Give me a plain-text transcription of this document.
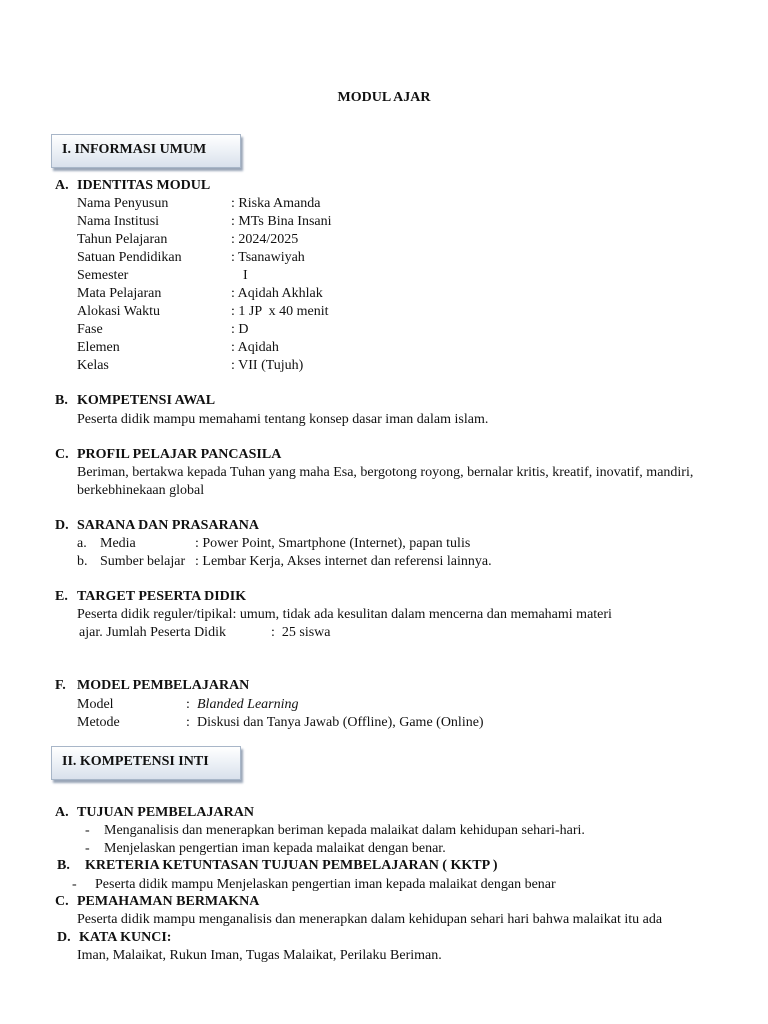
MODUL AJAR
I. INFORMASI UMUM
A. IDENTITAS MODUL
Nama Penyusun	: Riska Amanda
Nama Institusi	: MTs Bina Insani
Tahun Pelajaran	: 2024/2025
Satuan Pendidikan	: Tsanawiyah
Semester	I
Mata Pelajaran	: Aqidah Akhlak
Alokasi Waktu	: 1 JP  x 40 menit
Fase	: D
Elemen	: Aqidah
Kelas	: VII (Tujuh)
B. KOMPETENSI AWAL
Peserta didik mampu memahami tentang konsep dasar iman dalam islam.
C. PROFIL PELAJAR PANCASILA
Beriman, bertakwa kepada Tuhan yang maha Esa, bergotong royong, bernalar kritis, kreatif, inovatif, mandiri,
berkebhinekaan global
D. SARANA DAN PRASARANA
a. Media	: Power Point, Smartphone (Internet), papan tulis
b. Sumber belajar : Lembar Kerja, Akses internet dan referensi lainnya.
E. TARGET PESERTA DIDIK
Peserta didik reguler/tipikal: umum, tidak ada kesulitan dalam mencerna dan memahami materi
ajar. Jumlah Peserta Didik	:  25 siswa
F. MODEL PEMBELAJARAN
Model	: Blanded Learning
Metode	: Diskusi dan Tanya Jawab (Offline), Game (Online)
II. KOMPETENSI INTI
A. TUJUAN PEMBELAJARAN
- Menganalisis dan menerapkan beriman kepada malaikat dalam kehidupan sehari-hari.
- Menjelaskan pengertian iman kepada malaikat dengan benar.
B. KRETERIA KETUNTASAN TUJUAN PEMBELAJARAN ( KKTP )
- Peserta didik mampu Menjelaskan pengertian iman kepada malaikat dengan benar
C. PEMAHAMAN BERMAKNA
Peserta didik mampu menganalisis dan menerapkan dalam kehidupan sehari hari bahwa malaikat itu ada
D. KATA KUNCI:
Iman, Malaikat, Rukun Iman, Tugas Malaikat, Perilaku Beriman.
